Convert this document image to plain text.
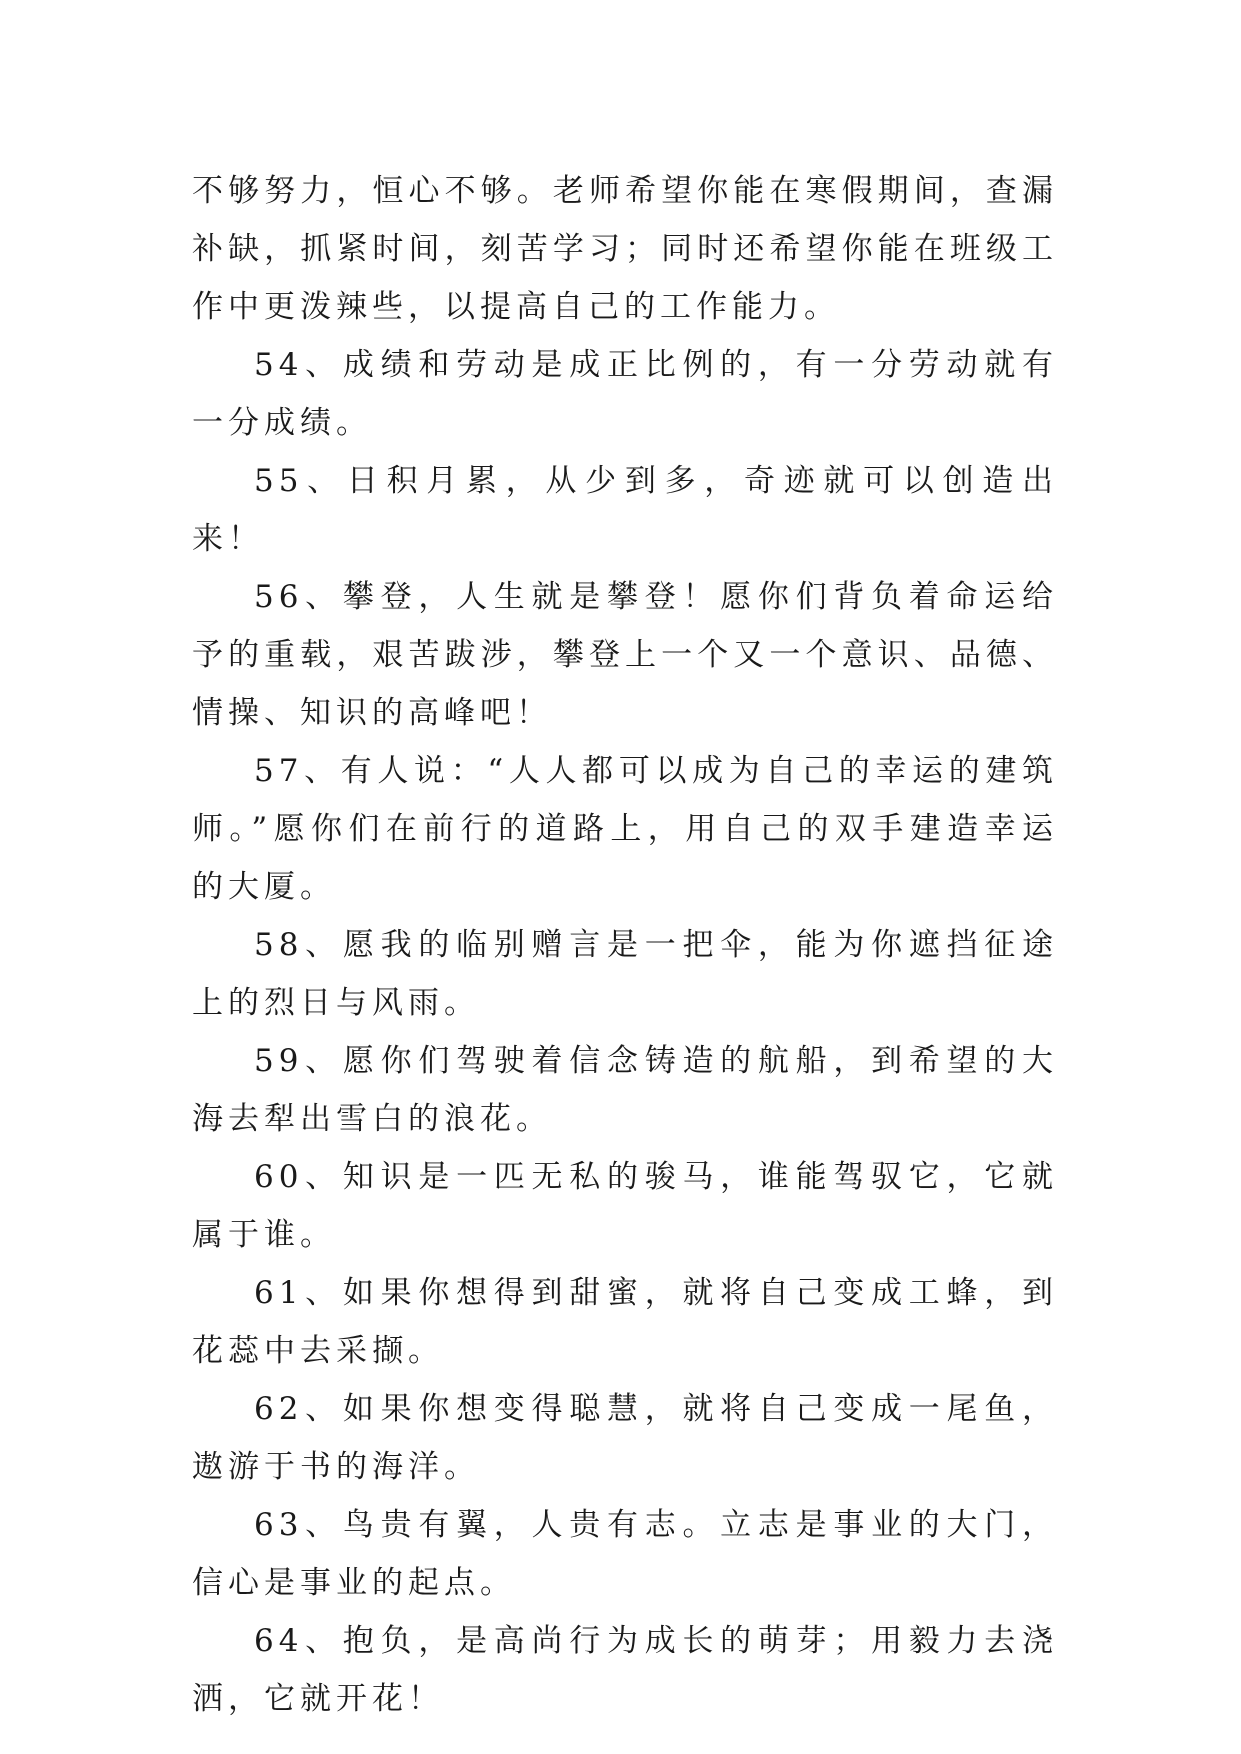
不够努力，恒心不够。老师希望你能在寒假期间，查漏补缺，抓紧时间，刻苦学习；同时还希望你能在班级工作中更泼辣些，以提高自己的工作能力。

54、成绩和劳动是成正比例的，有一分劳动就有一分成绩。

55、日积月累，从少到多，奇迹就可以创造出来！

56、攀登，人生就是攀登！愿你们背负着命运给予的重载，艰苦跋涉，攀登上一个又一个意识、品德、情操、知识的高峰吧！

57、有人说：“人人都可以成为自己的幸运的建筑师。”愿你们在前行的道路上，用自己的双手建造幸运的大厦。

58、愿我的临别赠言是一把伞，能为你遮挡征途上的烈日与风雨。

59、愿你们驾驶着信念铸造的航船，到希望的大海去犁出雪白的浪花。

60、知识是一匹无私的骏马，谁能驾驭它，它就属于谁。

61、如果你想得到甜蜜，就将自己变成工蜂，到花蕊中去采撷。

62、如果你想变得聪慧，就将自己变成一尾鱼，遨游于书的海洋。

63、鸟贵有翼，人贵有志。立志是事业的大门，信心是事业的起点。

64、抱负，是高尚行为成长的萌芽；用毅力去浇洒，它就开花！
